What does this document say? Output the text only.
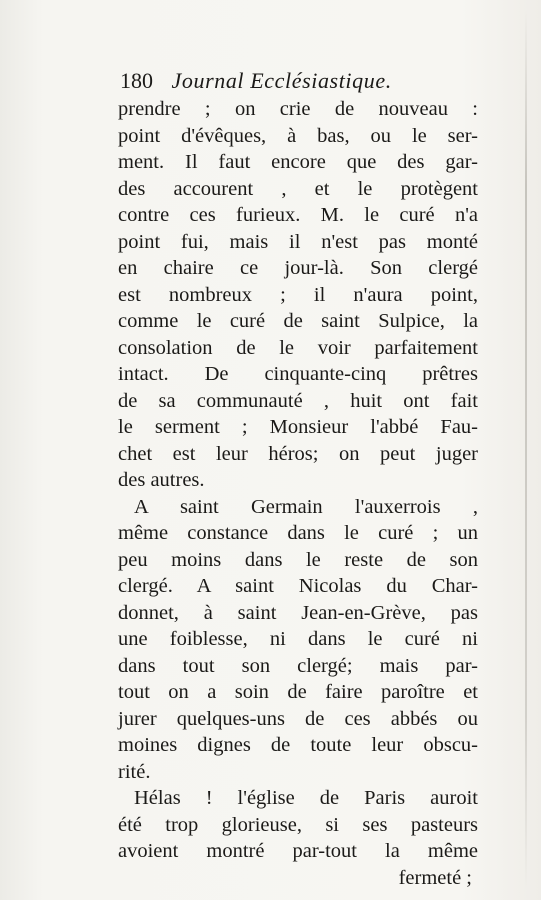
180 Journal Ecclésiastique.
prendre ; on crie de nouveau :
point d'évêques, à bas, ou le ser-
ment. Il faut encore que des gar-
des accourent , et le protègent
contre ces furieux. M. le curé n'a
point fui, mais il n'est pas monté
en chaire ce jour-là. Son clergé
est nombreux ; il n'aura point,
comme le curé de saint Sulpice, la
consolation de le voir parfaitement
intact. De cinquante-cinq prêtres
de sa communauté , huit ont fait
le serment ; Monsieur l'abbé Fau-
chet est leur héros; on peut juger
des autres.
A saint Germain l'auxerrois ,
même constance dans le curé ; un
peu moins dans le reste de son
clergé. A saint Nicolas du Char-
donnet, à saint Jean-en-Grève, pas
une foiblesse, ni dans le curé ni
dans tout son clergé; mais par-
tout on a soin de faire paroître et
jurer quelques-uns de ces abbés ou
moines dignes de toute leur obscu-
rité.
Hélas ! l'église de Paris auroit
été trop glorieuse, si ses pasteurs
avoient montré par-tout la même
fermeté ;
